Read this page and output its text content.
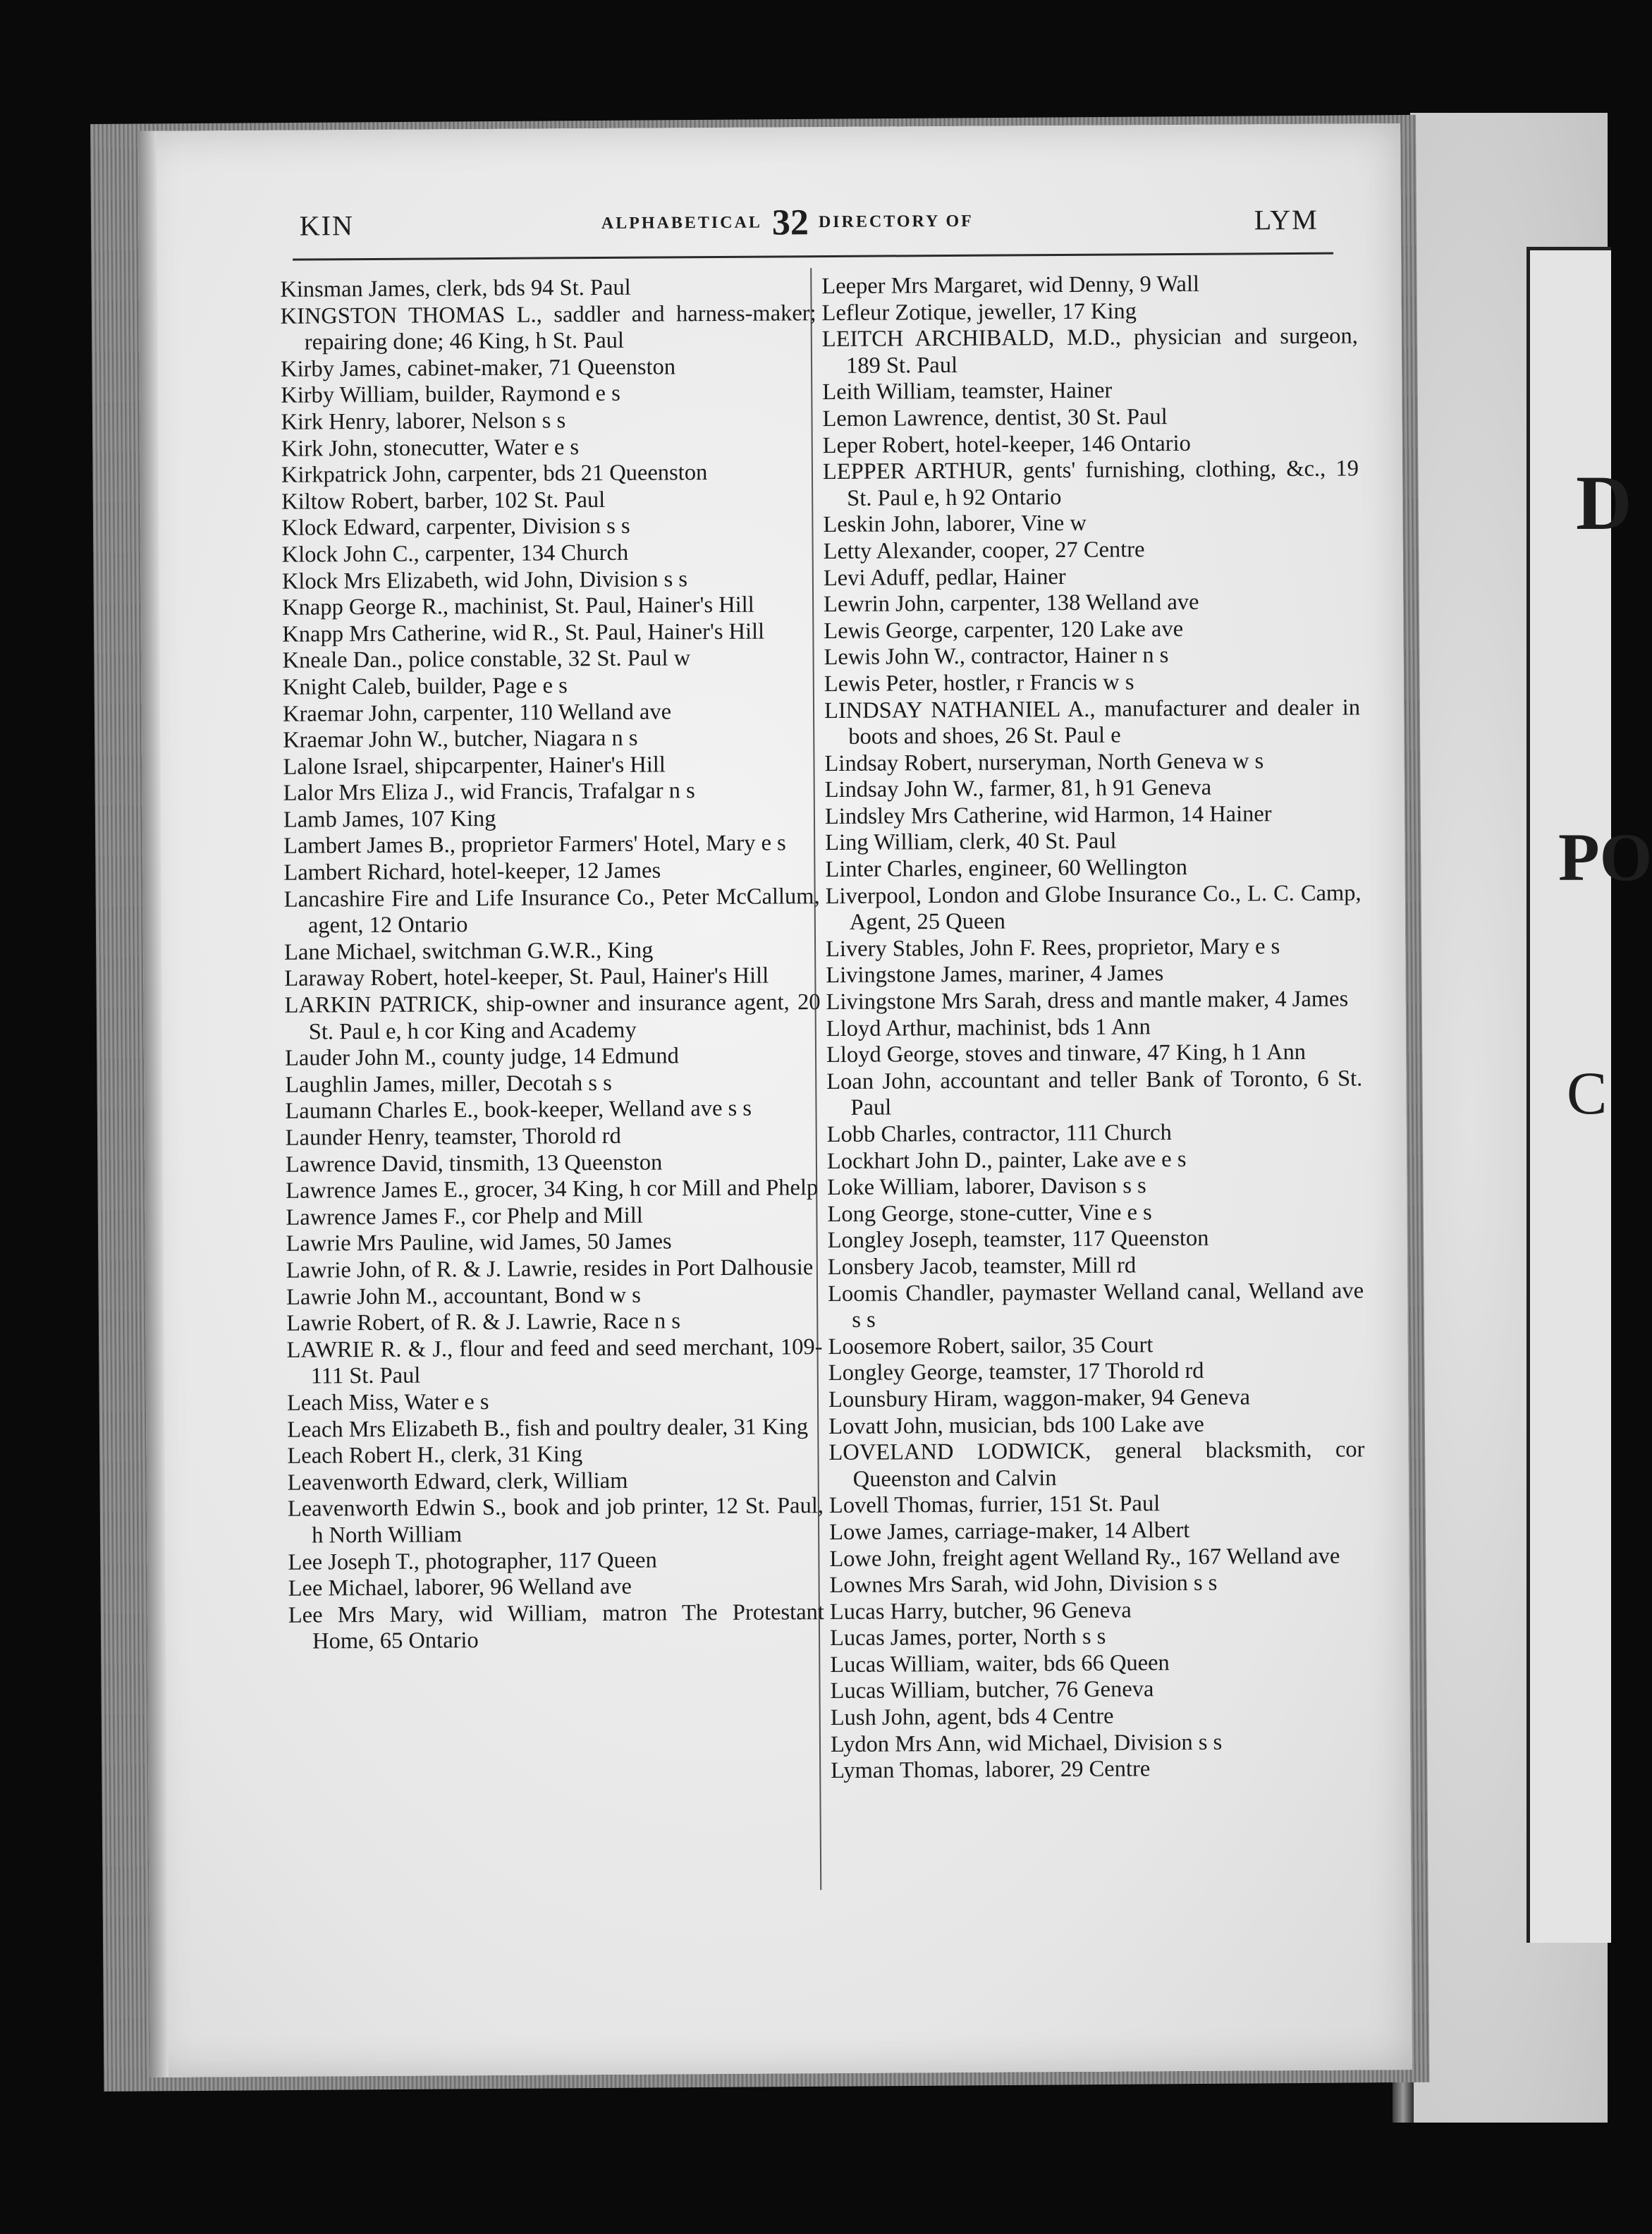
D
PO
C
KIN	ALPHABETICAL 32 DIRECTORY OF	LYM
Kinsman James, clerk, bds 94 St. Paul
KINGSTON THOMAS L., saddler and harness-maker; repairing done; 46 King, h St. Paul
Kirby James, cabinet-maker, 71 Queenston
Kirby William, builder, Raymond e s
Kirk Henry, laborer, Nelson s s
Kirk John, stonecutter, Water e s
Kirkpatrick John, carpenter, bds 21 Queenston
Kiltow Robert, barber, 102 St. Paul
Klock Edward, carpenter, Division s s
Klock John C., carpenter, 134 Church
Klock Mrs Elizabeth, wid John, Division s s
Knapp George R., machinist, St. Paul, Hainer's Hill
Knapp Mrs Catherine, wid R., St. Paul, Hainer's Hill
Kneale Dan., police constable, 32 St. Paul w
Knight Caleb, builder, Page e s
Kraemar John, carpenter, 110 Welland ave
Kraemar John W., butcher, Niagara n s
Lalone Israel, shipcarpenter, Hainer's Hill
Lalor Mrs Eliza J., wid Francis, Trafalgar n s
Lamb James, 107 King
Lambert James B., proprietor Farmers' Hotel, Mary e s
Lambert Richard, hotel-keeper, 12 James
Lancashire Fire and Life Insurance Co., Peter McCallum, agent, 12 Ontario
Lane Michael, switchman G.W.R., King
Laraway Robert, hotel-keeper, St. Paul, Hainer's Hill
LARKIN PATRICK, ship-owner and insurance agent, 20 St. Paul e, h cor King and Academy
Lauder John M., county judge, 14 Edmund
Laughlin James, miller, Decotah s s
Laumann Charles E., book-keeper, Welland ave s s
Launder Henry, teamster, Thorold rd
Lawrence David, tinsmith, 13 Queenston
Lawrence James E., grocer, 34 King, h cor Mill and Phelp
Lawrence James F., cor Phelp and Mill
Lawrie Mrs Pauline, wid James, 50 James
Lawrie John, of R. & J. Lawrie, resides in Port Dalhousie
Lawrie John M., accountant, Bond w s
Lawrie Robert, of R. & J. Lawrie, Race n s
LAWRIE R. & J., flour and feed and seed merchant, 109-111 St. Paul
Leach Miss, Water e s
Leach Mrs Elizabeth B., fish and poultry dealer, 31 King
Leach Robert H., clerk, 31 King
Leavenworth Edward, clerk, William
Leavenworth Edwin S., book and job printer, 12 St. Paul, h North William
Lee Joseph T., photographer, 117 Queen
Lee Michael, laborer, 96 Welland ave
Lee Mrs Mary, wid William, matron The Protestant Home, 65 Ontario
Leeper Mrs Margaret, wid Denny, 9 Wall
Lefleur Zotique, jeweller, 17 King
LEITCH ARCHIBALD, M.D., physician and surgeon, 189 St. Paul
Leith William, teamster, Hainer
Lemon Lawrence, dentist, 30 St. Paul
Leper Robert, hotel-keeper, 146 Ontario
LEPPER ARTHUR, gents' furnishing, clothing, &c., 19 St. Paul e, h 92 Ontario
Leskin John, laborer, Vine w
Letty Alexander, cooper, 27 Centre
Levi Aduff, pedlar, Hainer
Lewrin John, carpenter, 138 Welland ave
Lewis George, carpenter, 120 Lake ave
Lewis John W., contractor, Hainer n s
Lewis Peter, hostler, r Francis w s
LINDSAY NATHANIEL A., manufacturer and dealer in boots and shoes, 26 St. Paul e
Lindsay Robert, nurseryman, North Geneva w s
Lindsay John W., farmer, 81, h 91 Geneva
Lindsley Mrs Catherine, wid Harmon, 14 Hainer
Ling William, clerk, 40 St. Paul
Linter Charles, engineer, 60 Wellington
Liverpool, London and Globe Insurance Co., L. C. Camp, Agent, 25 Queen
Livery Stables, John F. Rees, proprietor, Mary e s
Livingstone James, mariner, 4 James
Livingstone Mrs Sarah, dress and mantle maker, 4 James
Lloyd Arthur, machinist, bds 1 Ann
Lloyd George, stoves and tinware, 47 King, h 1 Ann
Loan John, accountant and teller Bank of Toronto, 6 St. Paul
Lobb Charles, contractor, 111 Church
Lockhart John D., painter, Lake ave e s
Loke William, laborer, Davison s s
Long George, stone-cutter, Vine e s
Longley Joseph, teamster, 117 Queenston
Lonsbery Jacob, teamster, Mill rd
Loomis Chandler, paymaster Welland canal, Welland ave s s
Loosemore Robert, sailor, 35 Court
Longley George, teamster, 17 Thorold rd
Lounsbury Hiram, waggon-maker, 94 Geneva
Lovatt John, musician, bds 100 Lake ave
LOVELAND LODWICK, general blacksmith, cor Queenston and Calvin
Lovell Thomas, furrier, 151 St. Paul
Lowe James, carriage-maker, 14 Albert
Lowe John, freight agent Welland Ry., 167 Welland ave
Lownes Mrs Sarah, wid John, Division s s
Lucas Harry, butcher, 96 Geneva
Lucas James, porter, North s s
Lucas William, waiter, bds 66 Queen
Lucas William, butcher, 76 Geneva
Lush John, agent, bds 4 Centre
Lydon Mrs Ann, wid Michael, Division s s
Lyman Thomas, laborer, 29 Centre
